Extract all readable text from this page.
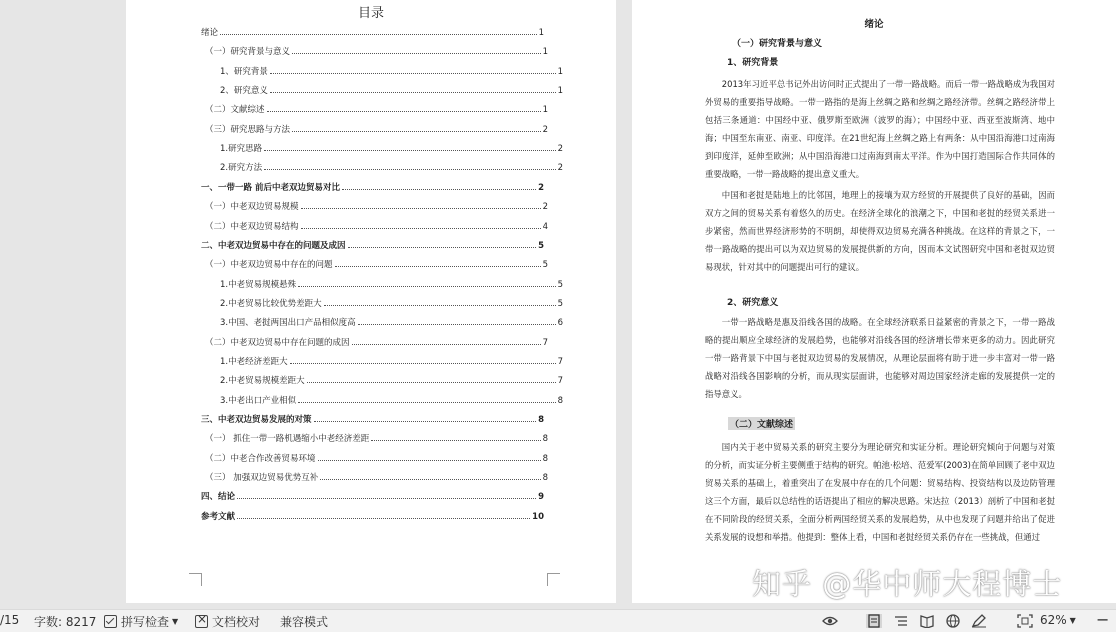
目录
绪论	1
（一）研究背景与意义	1
1、研究背景	1
2、研究意义	1
（二）文献综述	1
（三）研究思路与方法	2
1.研究思路	2
2.研究方法	2
一、一带一路 前后中老双边贸易对比	2
（一）中老双边贸易规模	2
（二）中老双边贸易结构	4
二、中老双边贸易中存在的问题及成因	5
（一）中老双边贸易中存在的问题	5
1.中老贸易规模悬殊	5
2.中老贸易比较优势差距大	5
3.中国、老挝两国出口产品相似度高	6
（二）中老双边贸易中存在问题的成因	7
1.中老经济差距大	7
2.中老贸易规模差距大	7
3.中老出口产业相似	8
三、中老双边贸易发展的对策	8
（一） 抓住一带一路机遇缩小中老经济差距	8
（二）中老合作改善贸易环境	8
（三） 加强双边贸易优势互补	8
四、结论	9
参考文献	10
绪论
（一）研究背景与意义
1、研究背景
2013年习近平总书记外出访问时正式提出了一带一路战略。而后一带一路战略成为我国对外贸易的重要指导战略。一带一路指的是海上丝绸之路和丝绸之路经济带。丝绸之路经济带上包括三条通道：中国经中亚、俄罗斯至欧洲（波罗的海）；中国经中亚、西亚至波斯湾、地中海；中国至东南亚、南亚、印度洋。在21世纪海上丝绸之路上有两条：从中国沿海港口过南海到印度洋，延伸至欧洲；从中国沿海港口过南海到南太平洋。作为中国打造国际合作共同体的重要战略，一带一路战略的提出意义重大。
中国和老挝是陆地上的比邻国，地理上的接壤为双方经贸的开展提供了良好的基础，因而双方之间的贸易关系有着悠久的历史。在经济全球化的浪潮之下，中国和老挝的经贸关系进一步紧密，然而世界经济形势的不明朗，却使得双边贸易充满各种挑战。在这样的背景之下，一带一路战略的提出可以为双边贸易的发展提供新的方向，因而本文试图研究中国和老挝双边贸易现状，针对其中的问题提出可行的建议。
2、研究意义
一带一路战略是惠及沿线各国的战略。在全球经济联系日益紧密的背景之下，一带一路战略的提出顺应全球经济的发展趋势，也能够对沿线各国的经济增长带来更多的动力。因此研究一带一路背景下中国与老挝双边贸易的发展情况，从理论层面将有助于进一步丰富对一带一路战略对沿线各国影响的分析，而从现实层面讲，也能够对周边国家经济走廊的发展提供一定的指导意义。
（二）文献综述
国内关于老中贸易关系的研究主要分为理论研究和实证分析。理论研究倾向于问题与对策的分析，而实证分析主要侧重于结构的研究。帕池·松培、范爱军(2003)在简单回顾了老中双边贸易关系的基础上，着重突出了在发展中存在的几个问题：贸易结构、投资结构以及边防管理这三个方面，最后以总结性的话语提出了相应的解决思路。宋达拉（2013）剖析了中国和老挝在不同阶段的经贸关系，全面分析两国经贸关系的发展趋势，从中也发现了问题并给出了促进关系发展的设想和举措。他提到：整体上看，中国和老挝经贸关系仍存在一些挑战，但通过
知乎 @华中师大程博士
/15 字数: 8217 拼写检查 ▼ ×	文档校对 兼容模式	62% ▼ −
